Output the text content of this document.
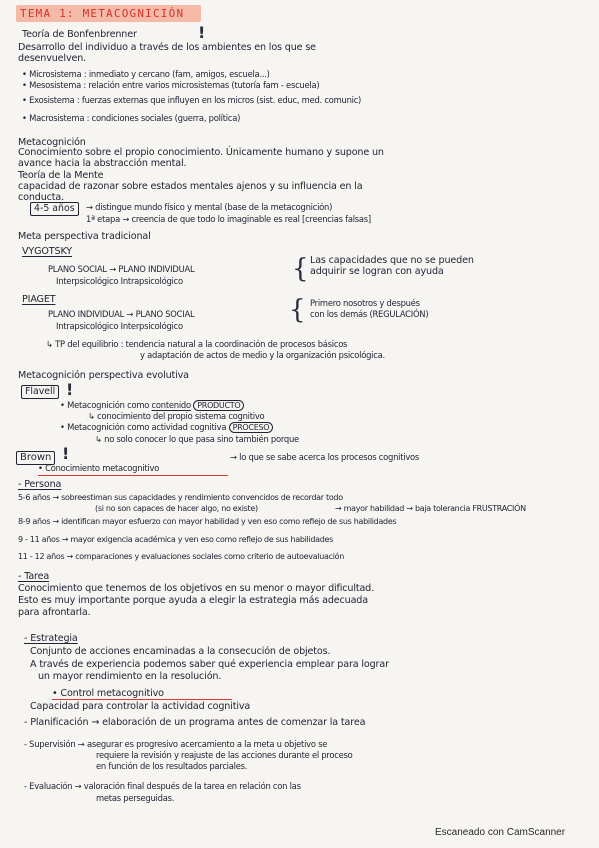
TEMA 1: METACOGNICIÓN
Teoría de Bonfenbrenner	!
Desarrollo del individuo a través de los ambientes en los que se
desenvuelven.
• Microsistema : inmediato y cercano (fam, amigos, escuela...)
• Mesosistema : relación entre varios microsistemas (tutoría fam - escuela)
• Exosistema : fuerzas externas que influyen en los micros (sist. educ, med. comunic)
• Macrosistema : condiciones sociales (guerra, política)
Metacognición
Conocimiento sobre el propio conocimiento. Únicamente humano y supone un
avance hacia la abstracción mental.
Teoría de la Mente
capacidad de razonar sobre estados mentales ajenos y su influencia en la
conducta.
4-5 años	→ distingue mundo físico y mental (base de la metacognición)
1ª etapa → creencia de que todo lo imaginable es real [creencias falsas]
Meta perspectiva tradicional
VYGOTSKY
PLANO SOCIAL → PLANO INDIVIDUAL
Interpsicológico Intrapsicológico	{ Las capacidades que no se pueden
adquirir se logran con ayuda
PIAGET
PLANO INDIVIDUAL → PLANO SOCIAL
Intrapsicológico Interpsicológico
{ Primero nosotros y después
con los demás (REGULACIÓN)
↳ TP del equilibrio : tendencia natural a la coordinación de procesos básicos
y adaptación de actos de medio y la organización psicológica.
Metacognición perspectiva evolutiva
Flavell !
• Metacognición como contenido PRODUCTO
↳ conocimiento del propio sistema cognitivo
• Metacognición como actividad cognitiva PROCESO
↳ no solo conocer lo que pasa sino también porque
Brown !	→ lo que se sabe acerca los procesos cognitivos
• Conocimiento metacognitivo
- Persona
5-6 años → sobreestiman sus capacidades y rendimiento convencidos de recordar todo
(si no son capaces de hacer algo, no existe)	→ mayor habilidad → baja tolerancia FRUSTRACIÓN
8-9 años → identifican mayor esfuerzo con mayor habilidad y ven eso como reflejo de sus habilidades
9 - 11 años → mayor exigencia académica y ven eso como reflejo de sus habilidades
11 - 12 años → comparaciones y evaluaciones sociales como criterio de autoevaluación
- Tarea
Conocimiento que tenemos de los objetivos en su menor o mayor dificultad.
Esto es muy importante porque ayuda a elegir la estrategia más adecuada
para afrontarla.
- Estrategia
Conjunto de acciones encaminadas a la consecución de objetos.
A través de experiencia podemos saber qué experiencia emplear para lograr
un mayor rendimiento en la resolución.
• Control metacognitivo
Capacidad para controlar la actividad cognitiva
- Planificación → elaboración de un programa antes de comenzar la tarea
- Supervisión → asegurar es progresivo acercamiento a la meta u objetivo se
requiere la revisión y reajuste de las acciones durante el proceso
en función de los resultados parciales.
- Evaluación → valoración final después de la tarea en relación con las
metas perseguidas.
Escaneado con CamScanner
